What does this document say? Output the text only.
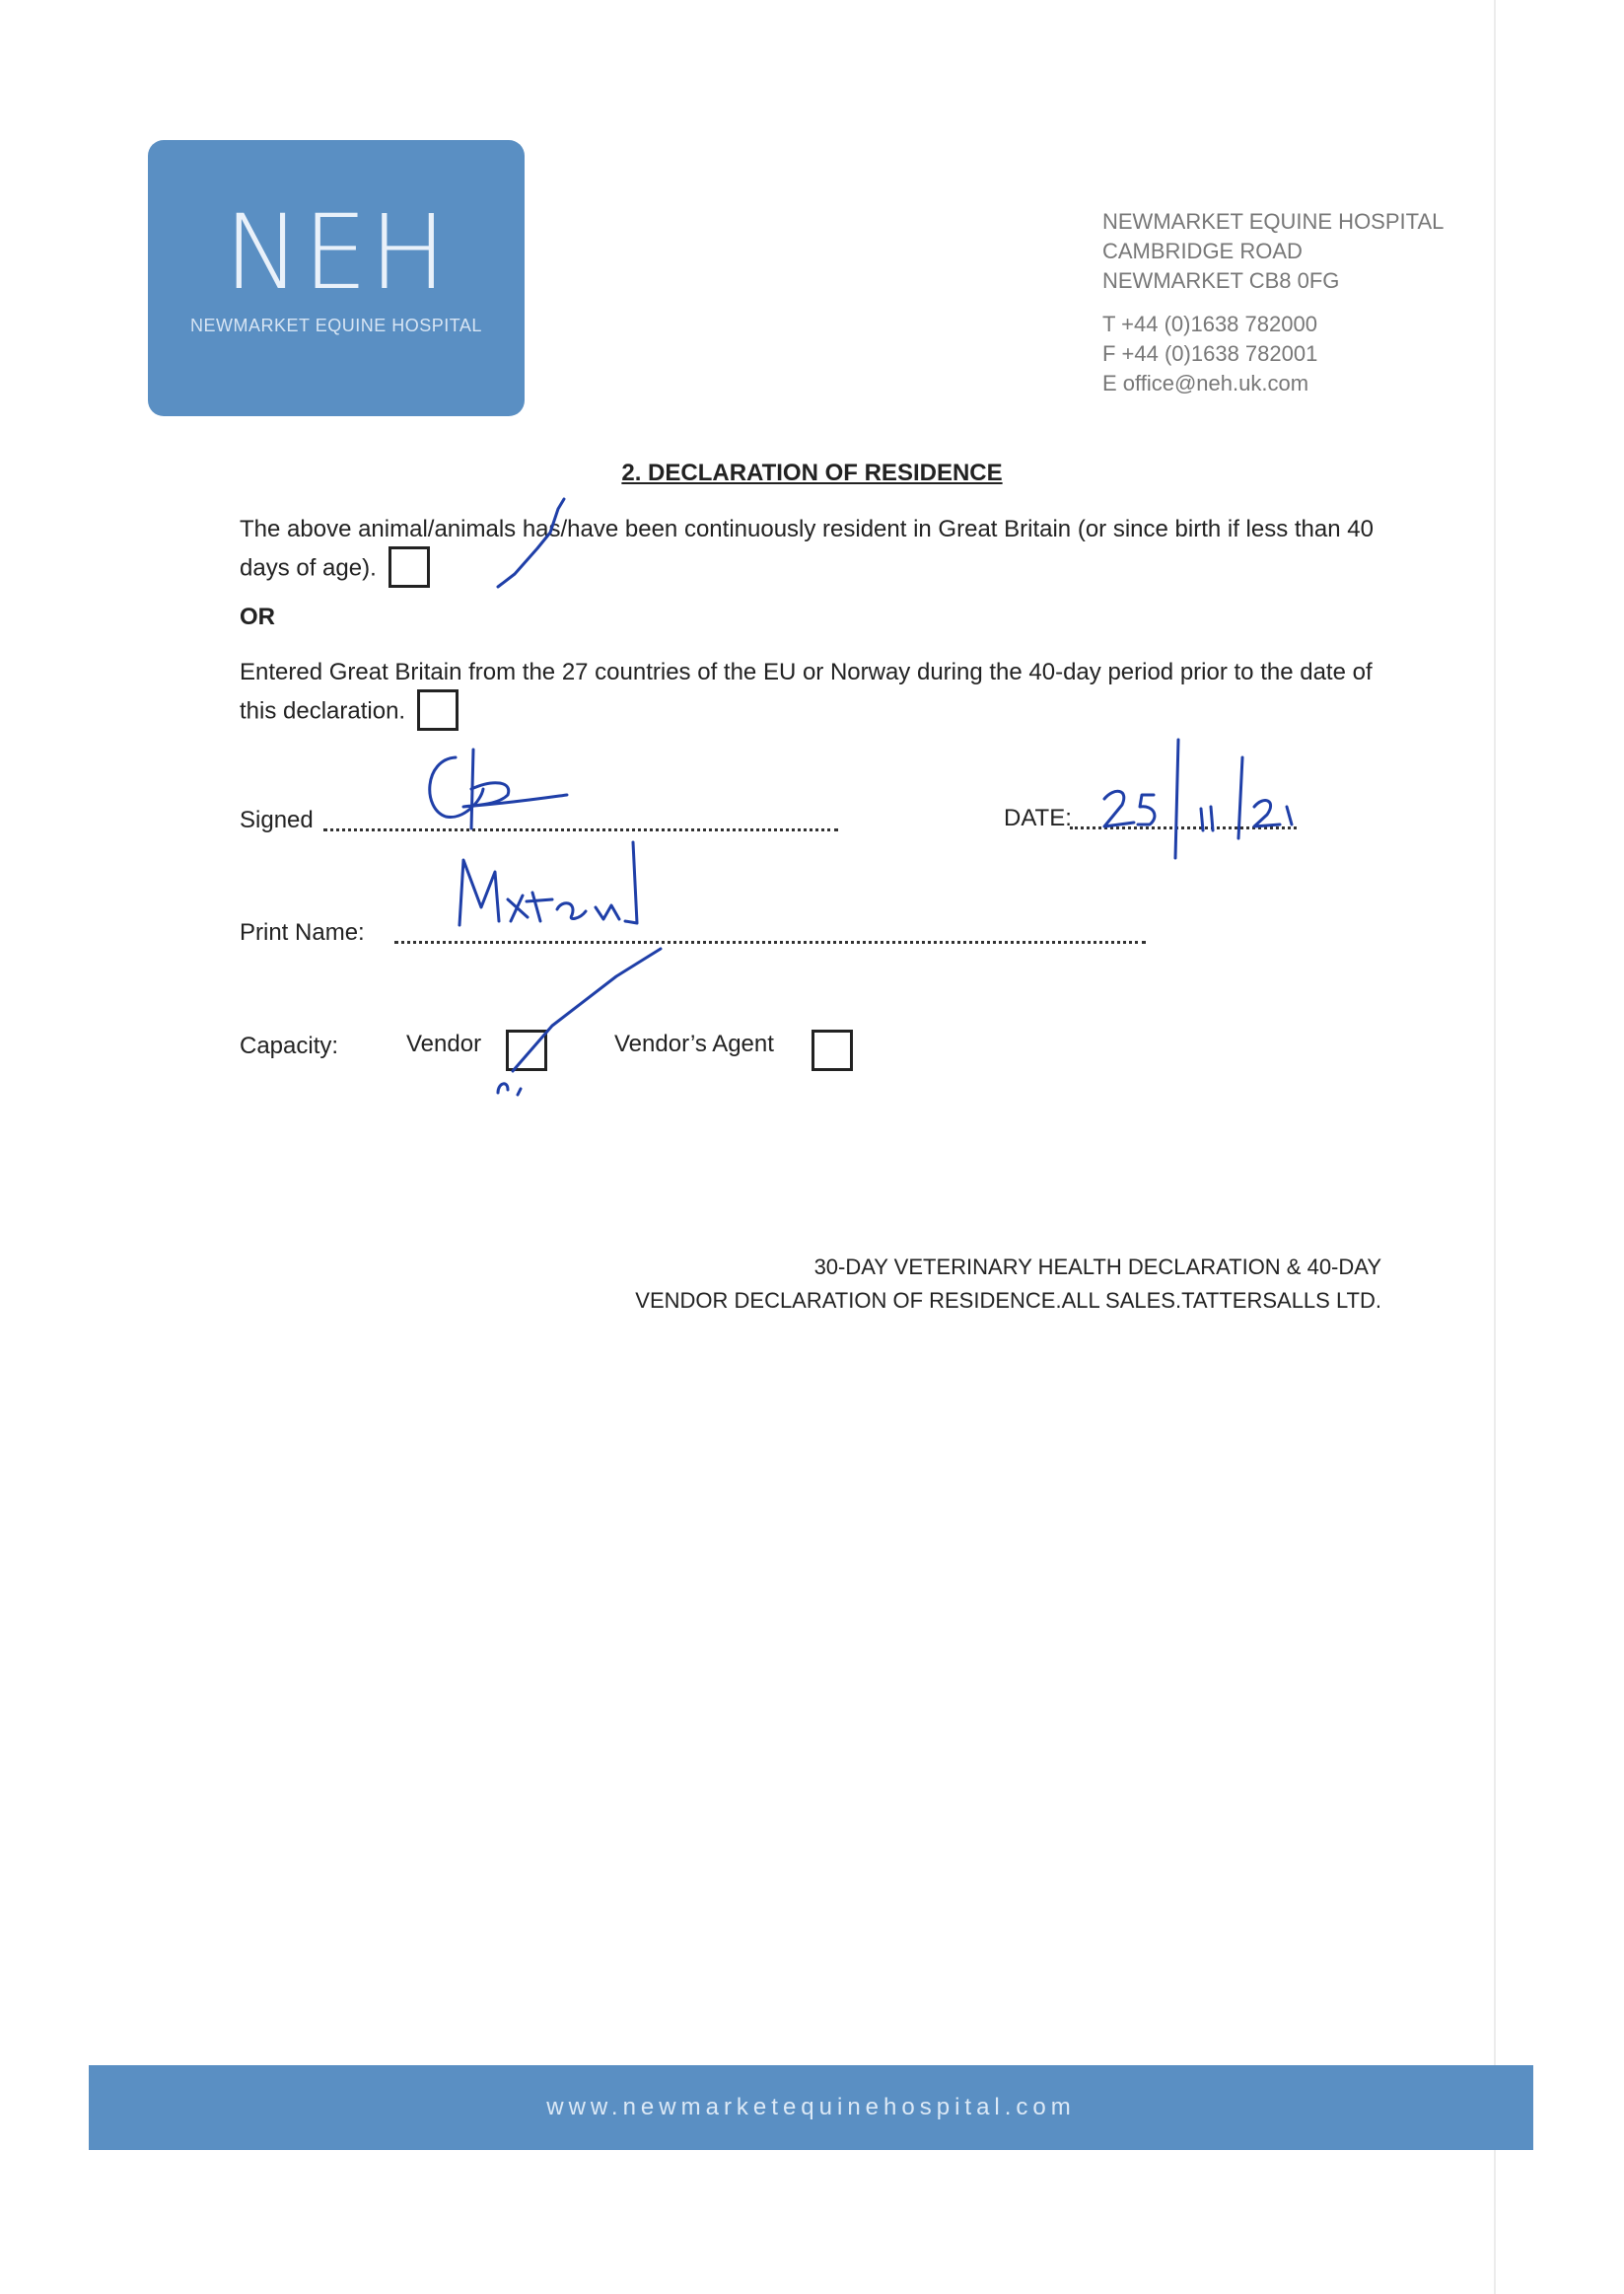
NEH
NEWMARKET EQUINE HOSPITAL
NEWMARKET EQUINE HOSPITAL
CAMBRIDGE ROAD
NEWMARKET CB8 0FG
T +44 (0)1638 782000
F +44 (0)1638 782001
E office@neh.uk.com
2. DECLARATION OF RESIDENCE
The above animal/animals has/have been continuously resident in Great Britain (or since birth if less than 40 days of age).
OR
Entered Great Britain from the 27 countries of the EU or Norway during the 40-day period prior to the date of this declaration.
Signed	DATE:
Print Name:
Capacity:	Vendor	Vendor’s Agent
30-DAY VETERINARY HEALTH DECLARATION & 40-DAY
VENDOR DECLARATION OF RESIDENCE.ALL SALES.TATTERSALLS LTD.
www.newmarketequinehospital.com
